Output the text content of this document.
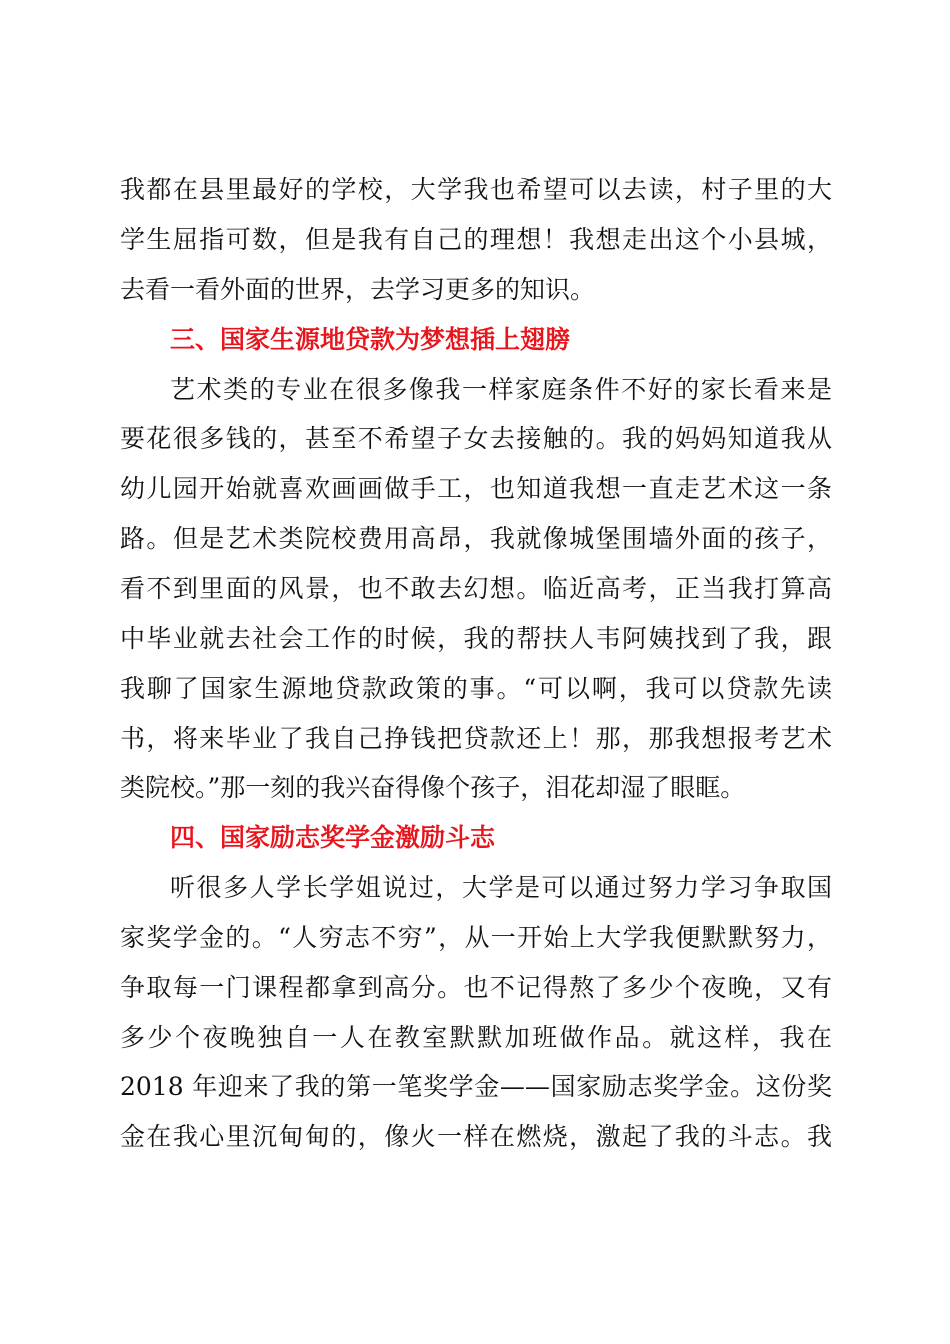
我都在县里最好的学校，大学我也希望可以去读，村子里的大
学生屈指可数，但是我有自己的理想！我想走出这个小县城，
去看一看外面的世界，去学习更多的知识。
三、国家生源地贷款为梦想插上翅膀
艺术类的专业在很多像我一样家庭条件不好的家长看来是
要花很多钱的，甚至不希望子女去接触的。我的妈妈知道我从
幼儿园开始就喜欢画画做手工，也知道我想一直走艺术这一条
路。但是艺术类院校费用高昂，我就像城堡围墙外面的孩子，
看不到里面的风景，也不敢去幻想。临近高考，正当我打算高
中毕业就去社会工作的时候，我的帮扶人韦阿姨找到了我，跟
我聊了国家生源地贷款政策的事。“可以啊，我可以贷款先读
书，将来毕业了我自己挣钱把贷款还上！那，那我想报考艺术
类院校。”那一刻的我兴奋得像个孩子，泪花却湿了眼眶。
四、国家励志奖学金激励斗志
听很多人学长学姐说过，大学是可以通过努力学习争取国
家奖学金的。“人穷志不穷”，从一开始上大学我便默默努力，
争取每一门课程都拿到高分。也不记得熬了多少个夜晚，又有
多少个夜晚独自一人在教室默默加班做作品。就这样，我在
2018 年迎来了我的第一笔奖学金——国家励志奖学金。这份奖
金在我心里沉甸甸的，像火一样在燃烧，激起了我的斗志。我
